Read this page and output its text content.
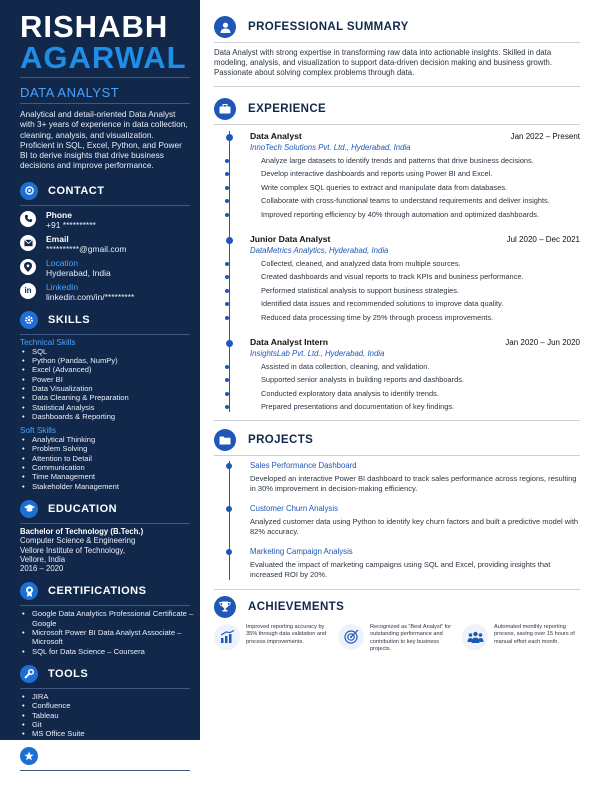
RISHABH
AGARWAL
DATA ANALYST
Analytical and detail-oriented Data Analyst with 3+ years of experience in data collection, cleaning, analysis, and visualization. Proficient in SQL, Excel, Python, and Power BI to derive insights that drive business decisions and improve performance.
CONTACT
Phone
+91 **********
Email
**********@gmail.com
Location
Hyderabad, India
in	LinkedIn
linkedin.com/in/*********
SKILLS
Technical Skills
• SQL
• Python (Pandas, NumPy)
• Excel (Advanced)
• Power BI
• Data Visualization
• Data Cleaning & Preparation
• Statistical Analysis
• Dashboards & Reporting
Soft Skills
• Analytical Thinking
• Problem Solving
• Attention to Detail
• Communication
• Time Management
• Stakeholder Management
EDUCATION
Bachelor of Technology (B.Tech.)
Computer Science & Engineering
Vellore Institute of Technology,
Vellore, India
2016 – 2020
CERTIFICATIONS
• Google Data Analytics Professional Certificate – Google
• Microsoft Power BI Data Analyst Associate – Microsoft
• SQL for Data Science – Coursera
TOOLS
• JIRA
• Confluence
• Tableau
• Git
• MS Office Suite
INTERESTS
Reading	Data Exploration
Cycling	Traveling
PROFESSIONAL SUMMARY
Data Analyst with strong expertise in transforming raw data into actionable insights. Skilled in data modeling, analysis, and visualization to support data-driven decision making and business growth. Passionate about solving complex problems through data.
EXPERIENCE
Data Analyst	Jan 2022 – Present
InnoTech Solutions Pvt. Ltd., Hyderabad, India
Analyze large datasets to identify trends and patterns that drive business decisions.
Develop interactive dashboards and reports using Power BI and Excel.
Write complex SQL queries to extract and manipulate data from databases.
Collaborate with cross-functional teams to understand requirements and deliver insights.
Improved reporting efficiency by 40% through automation and optimized dashboards.
Junior Data Analyst	Jul 2020 – Dec 2021
DataMetrics Analytics, Hyderabad, India
Collected, cleaned, and analyzed data from multiple sources.
Created dashboards and visual reports to track KPIs and business performance.
Performed statistical analysis to support business strategies.
Identified data issues and recommended solutions to improve data quality.
Reduced data processing time by 25% through process improvements.
Data Analyst Intern	Jan 2020 – Jun 2020
InsightsLab Pvt. Ltd., Hyderabad, India
Assisted in data collection, cleaning, and validation.
Supported senior analysts in building reports and dashboards.
Conducted exploratory data analysis to identify trends.
Prepared presentations and documentation of key findings.
PROJECTS
Sales Performance Dashboard
Developed an interactive Power BI dashboard to track sales performance across regions, resulting in 30% improvement in decision-making efficiency.
Customer Churn Analysis
Analyzed customer data using Python to identify key churn factors and built a predictive model with 82% accuracy.
Marketing Campaign Analysis
Evaluated the impact of marketing campaigns using SQL and Excel, providing insights that increased ROI by 20%.
ACHIEVEMENTS
Improved reporting accuracy by 35% through data validation and process improvements.
Recognized as “Best Analyst” for outstanding performance and contribution to key business projects.
Automated monthly reporting process, saving over 15 hours of manual effort each month.
